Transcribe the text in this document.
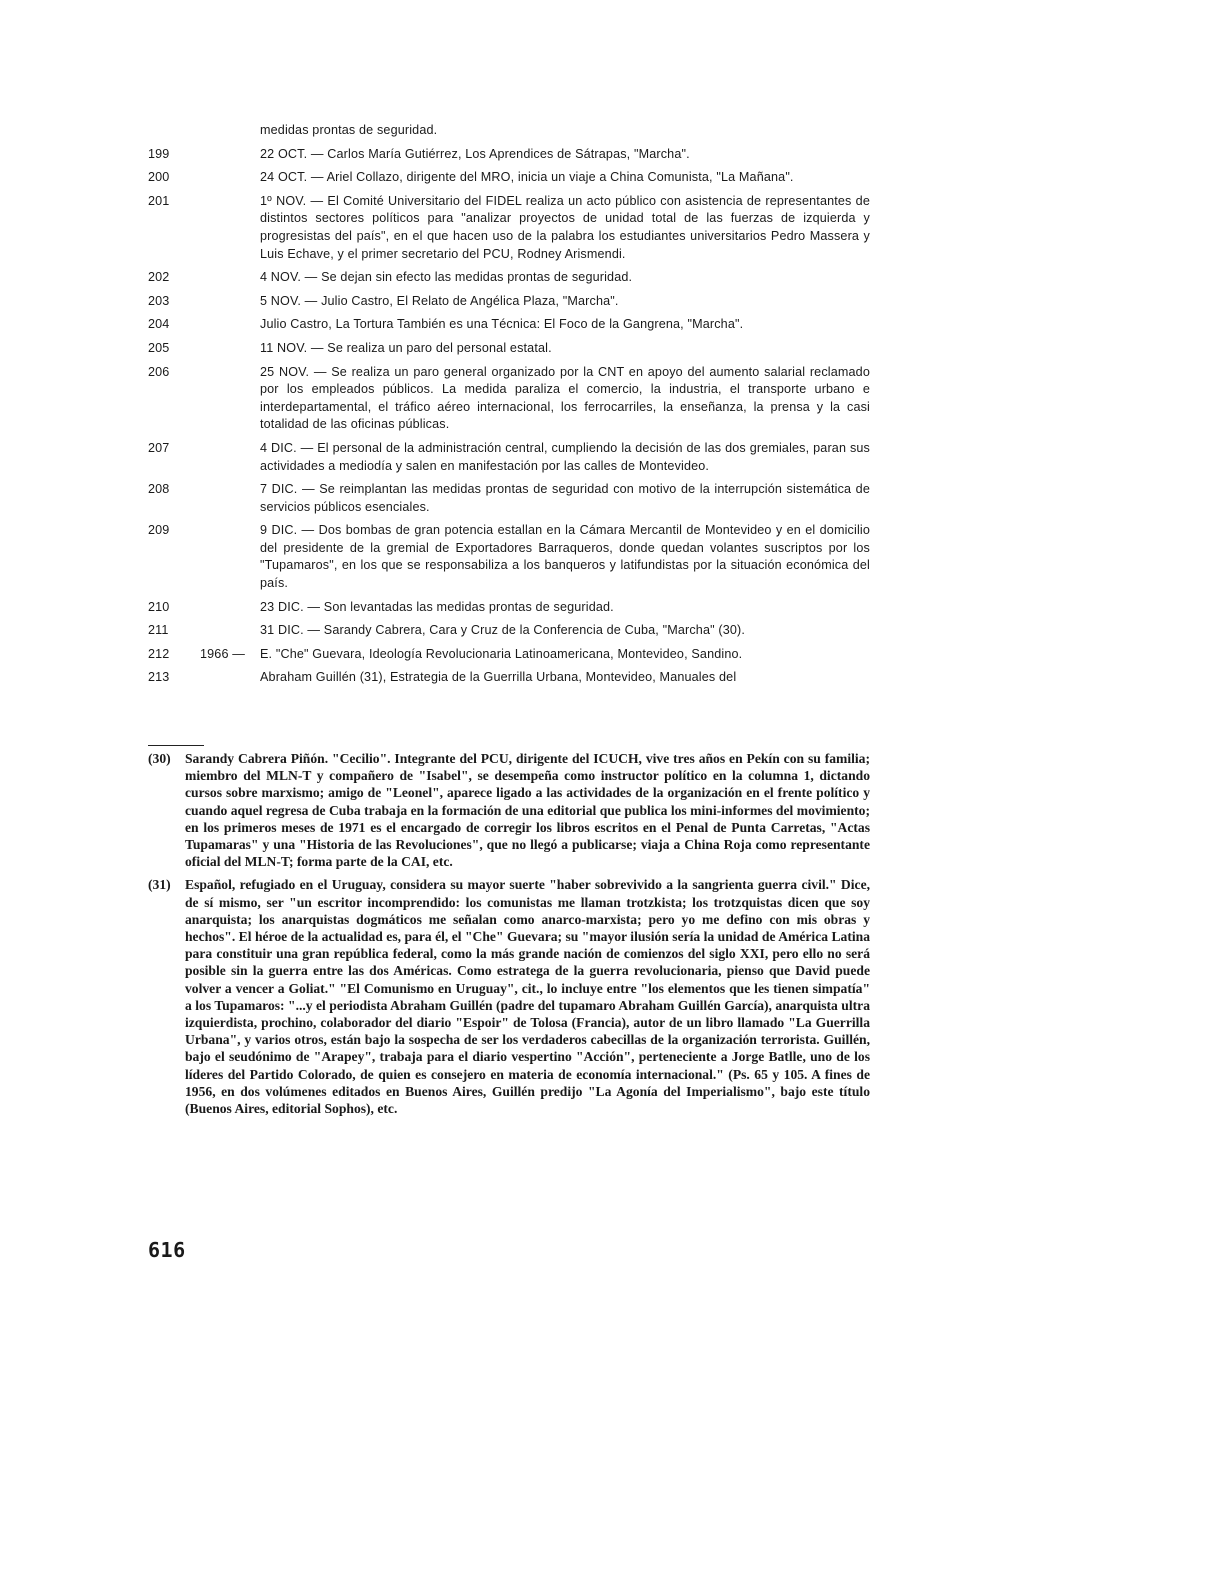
medidas prontas de seguridad.
199	22 OCT. — Carlos María Gutiérrez, Los Aprendices de Sátrapas, "Marcha".
200	24 OCT. — Ariel Collazo, dirigente del MRO, inicia un viaje a China Comunista, "La Mañana".
201	1º NOV. — El Comité Universitario del FIDEL realiza un acto público con asistencia de representantes de distintos sectores políticos para "analizar proyectos de unidad total de las fuerzas de izquierda y progresistas del país", en el que hacen uso de la palabra los estudiantes universitarios Pedro Massera y Luis Echave, y el primer secretario del PCU, Rodney Arismendi.
202	4 NOV. — Se dejan sin efecto las medidas prontas de seguridad.
203	5 NOV. — Julio Castro, El Relato de Angélica Plaza, "Marcha".
204	Julio Castro, La Tortura También es una Técnica: El Foco de la Gangrena, "Marcha".
205	11 NOV. — Se realiza un paro del personal estatal.
206	25 NOV. — Se realiza un paro general organizado por la CNT en apoyo del aumento salarial reclamado por los empleados públicos. La medida paraliza el comercio, la industria, el transporte urbano e interdepartamental, el tráfico aéreo internacional, los ferrocarriles, la enseñanza, la prensa y la casi totalidad de las oficinas públicas.
207	4 DIC. — El personal de la administración central, cumpliendo la decisión de las dos gremiales, paran sus actividades a mediodía y salen en manifestación por las calles de Montevideo.
208	7 DIC. — Se reimplantan las medidas prontas de seguridad con motivo de la interrupción sistemática de servicios públicos esenciales.
209	9 DIC. — Dos bombas de gran potencia estallan en la Cámara Mercantil de Montevideo y en el domicilio del presidente de la gremial de Exportadores Barraqueros, donde quedan volantes suscriptos por los "Tupamaros", en los que se responsabiliza a los banqueros y latifundistas por la situación económica del país.
210	23 DIC. — Son levantadas las medidas prontas de seguridad.
211	31 DIC. — Sarandy Cabrera, Cara y Cruz de la Conferencia de Cuba, "Marcha" (30).
212	1966 —	E. "Che" Guevara, Ideología Revolucionaria Latinoamericana, Montevideo, Sandino.
213	Abraham Guillén (31), Estrategia de la Guerrilla Urbana, Montevideo, Manuales del
(30)	Sarandy Cabrera Piñón. "Cecilio". Integrante del PCU, dirigente del ICUCH, vive tres años en Pekín con su familia; miembro del MLN-T y compañero de "Isabel", se desempeña como instructor político en la columna 1, dictando cursos sobre marxismo; amigo de "Leonel", aparece ligado a las actividades de la organización en el frente político y cuando aquel regresa de Cuba trabaja en la formación de una editorial que publica los mini-informes del movimiento; en los primeros meses de 1971 es el encargado de corregir los libros escritos en el Penal de Punta Carretas, "Actas Tupamaras" y una "Historia de las Revoluciones", que no llegó a publicarse; viaja a China Roja como representante oficial del MLN-T; forma parte de la CAI, etc.
(31)	Español, refugiado en el Uruguay, considera su mayor suerte "haber sobrevivido a la sangrienta guerra civil." Dice, de sí mismo, ser "un escritor incomprendido: los comunistas me llaman trotzkista; los trotzquistas dicen que soy anarquista; los anarquistas dogmáticos me señalan como anarco-marxista; pero yo me defino con mis obras y hechos". El héroe de la actualidad es, para él, el "Che" Guevara; su "mayor ilusión sería la unidad de América Latina para constituir una gran república federal, como la más grande nación de comienzos del siglo XXI, pero ello no será posible sin la guerra entre las dos Américas. Como estratega de la guerra revolucionaria, pienso que David puede volver a vencer a Goliat." "El Comunismo en Uruguay", cit., lo incluye entre "los elementos que les tienen simpatía" a los Tupamaros: "...y el periodista Abraham Guillén (padre del tupamaro Abraham Guillén García), anarquista ultra izquierdista, prochino, colaborador del diario "Espoir" de Tolosa (Francia), autor de un libro llamado "La Guerrilla Urbana", y varios otros, están bajo la sospecha de ser los verdaderos cabecillas de la organización terrorista. Guillén, bajo el seudónimo de "Arapey", trabaja para el diario vespertino "Acción", perteneciente a Jorge Batlle, uno de los líderes del Partido Colorado, de quien es consejero en materia de economía internacional." (Ps. 65 y 105. A fines de 1956, en dos volúmenes editados en Buenos Aires, Guillén predijo "La Agonía del Imperialismo", bajo este título (Buenos Aires, editorial Sophos), etc.
616
